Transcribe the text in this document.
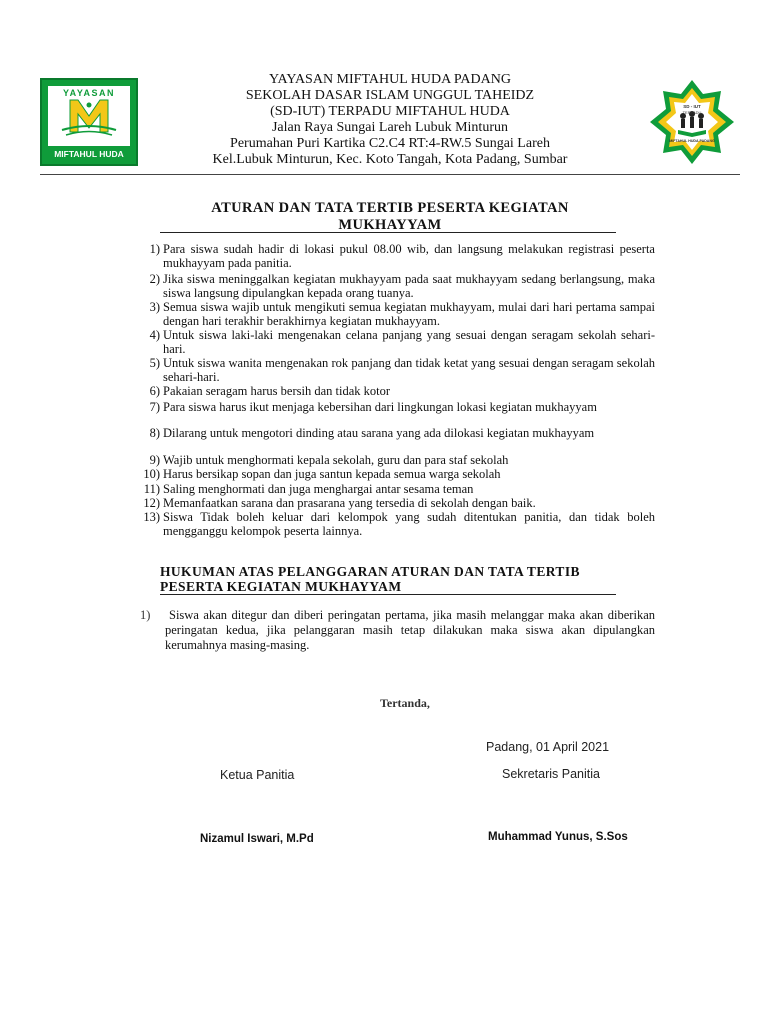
YAYASAN
MIFTAHUL HUDA
SD - IUT
TERPADU
MIFTAHUL HUDA PADANG
YAYASAN MIFTAHUL HUDA PADANG
SEKOLAH DASAR ISLAM UNGGUL TAHEIDZ
(SD-IUT) TERPADU MIFTAHUL HUDA
Jalan Raya Sungai Lareh Lubuk Minturun
Perumahan Puri Kartika C2.C4 RT:4-RW.5 Sungai Lareh
Kel.Lubuk Minturun, Kec. Koto Tangah, Kota Padang, Sumbar
ATURAN DAN TATA TERTIB PESERTA KEGIATAN
MUKHAYYAM
1) Para siswa sudah hadir di lokasi pukul 08.00 wib, dan langsung melakukan registrasi peserta mukhayyam pada panitia.
2) Jika siswa meninggalkan kegiatan mukhayyam pada saat mukhayyam sedang berlangsung, maka siswa langsung dipulangkan kepada orang tuanya.
3) Semua siswa wajib untuk mengikuti semua kegiatan mukhayyam, mulai dari hari pertama sampai dengan hari terakhir berakhirnya kegiatan mukhayyam.
4) Untuk siswa laki-laki mengenakan celana panjang yang sesuai dengan seragam sekolah sehari-hari.
5) Untuk siswa wanita mengenakan rok panjang dan tidak ketat yang sesuai dengan seragam sekolah sehari-hari.
6) Pakaian seragam harus bersih dan tidak kotor
7) Para siswa harus ikut menjaga kebersihan dari lingkungan lokasi kegiatan mukhayyam
8) Dilarang untuk mengotori dinding atau sarana yang ada dilokasi kegiatan mukhayyam
9) Wajib untuk menghormati kepala sekolah, guru dan para staf sekolah
10) Harus bersikap sopan dan juga santun kepada semua warga sekolah
11) Saling menghormati dan juga menghargai antar sesama teman
12) Memanfaatkan sarana dan prasarana yang tersedia di sekolah dengan baik.
13) Siswa Tidak boleh keluar dari kelompok yang sudah ditentukan panitia, dan tidak boleh mengganggu kelompok peserta lainnya.
HUKUMAN ATAS PELANGGARAN ATURAN DAN TATA TERTIB
PESERTA KEGIATAN MUKHAYYAM
1)	Siswa akan ditegur dan diberi peringatan pertama, jika masih melanggar maka akan diberikan peringatan kedua, jika pelanggaran masih tetap dilakukan maka siswa akan dipulangkan kerumahnya masing-masing.
Tertanda,
Padang, 01 April 2021
Ketua Panitia	Sekretaris Panitia
Nizamul Iswari, M.Pd	Muhammad Yunus, S.Sos
